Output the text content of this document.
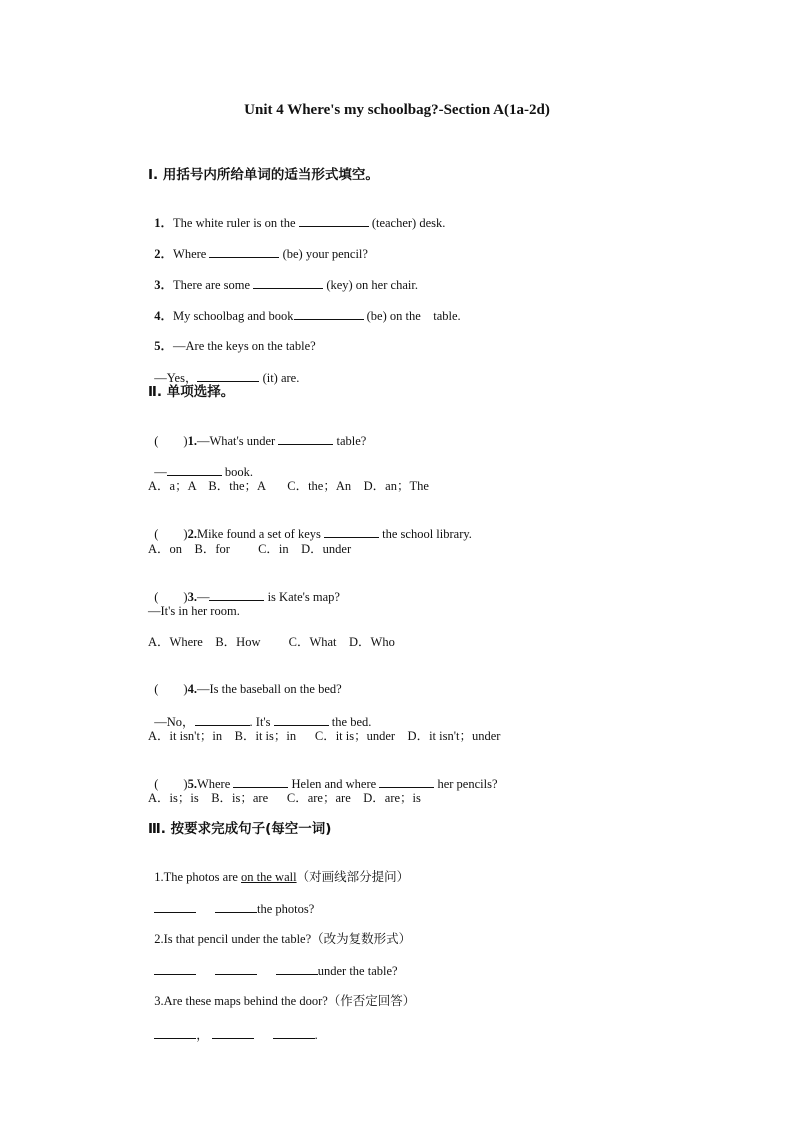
Unit 4 Where's my schoolbag?-Section A(1a-2d)
Ⅰ. 用括号内所给单词的适当形式填空。

1．The white ruler is on the	(teacher) desk.

2．Where	(be) your pencil?

3．There are some	(key) on her chair.

4．My schoolbag and book	(be) on the    table.

5．—Are the keys on the table?

—Yes，	(it) are.

Ⅱ. 单项选择。

(        )1.—What's under	table?

—	book.

A．a；A    B．the；A       C．the；An    D．an；The

(        )2.Mike found a set of keys	the school library.

A．on    B．for         C．in    D．under

(        )3.—	is Kate's map?

—It's in her room.
A．Where    B．How         C．What    D．Who

(        )4.—Is the baseball on the bed?

—No，	. It's	the bed.

A．it isn't；in    B．it is；in      C．it is；under    D．it isn't；under

(        )5.Where	Helen and where	her pencils?

A．is；is    B．is；are      C．are；are    D．are；is
Ⅲ. 按要求完成句子(每空一词)

1.The photos are on the wall（对画线部分提问）

the photos?

2.Is that pencil under the table?（改为复数形式）

under the table?

3.Are these maps behind the door?（作否定回答）

，	.
